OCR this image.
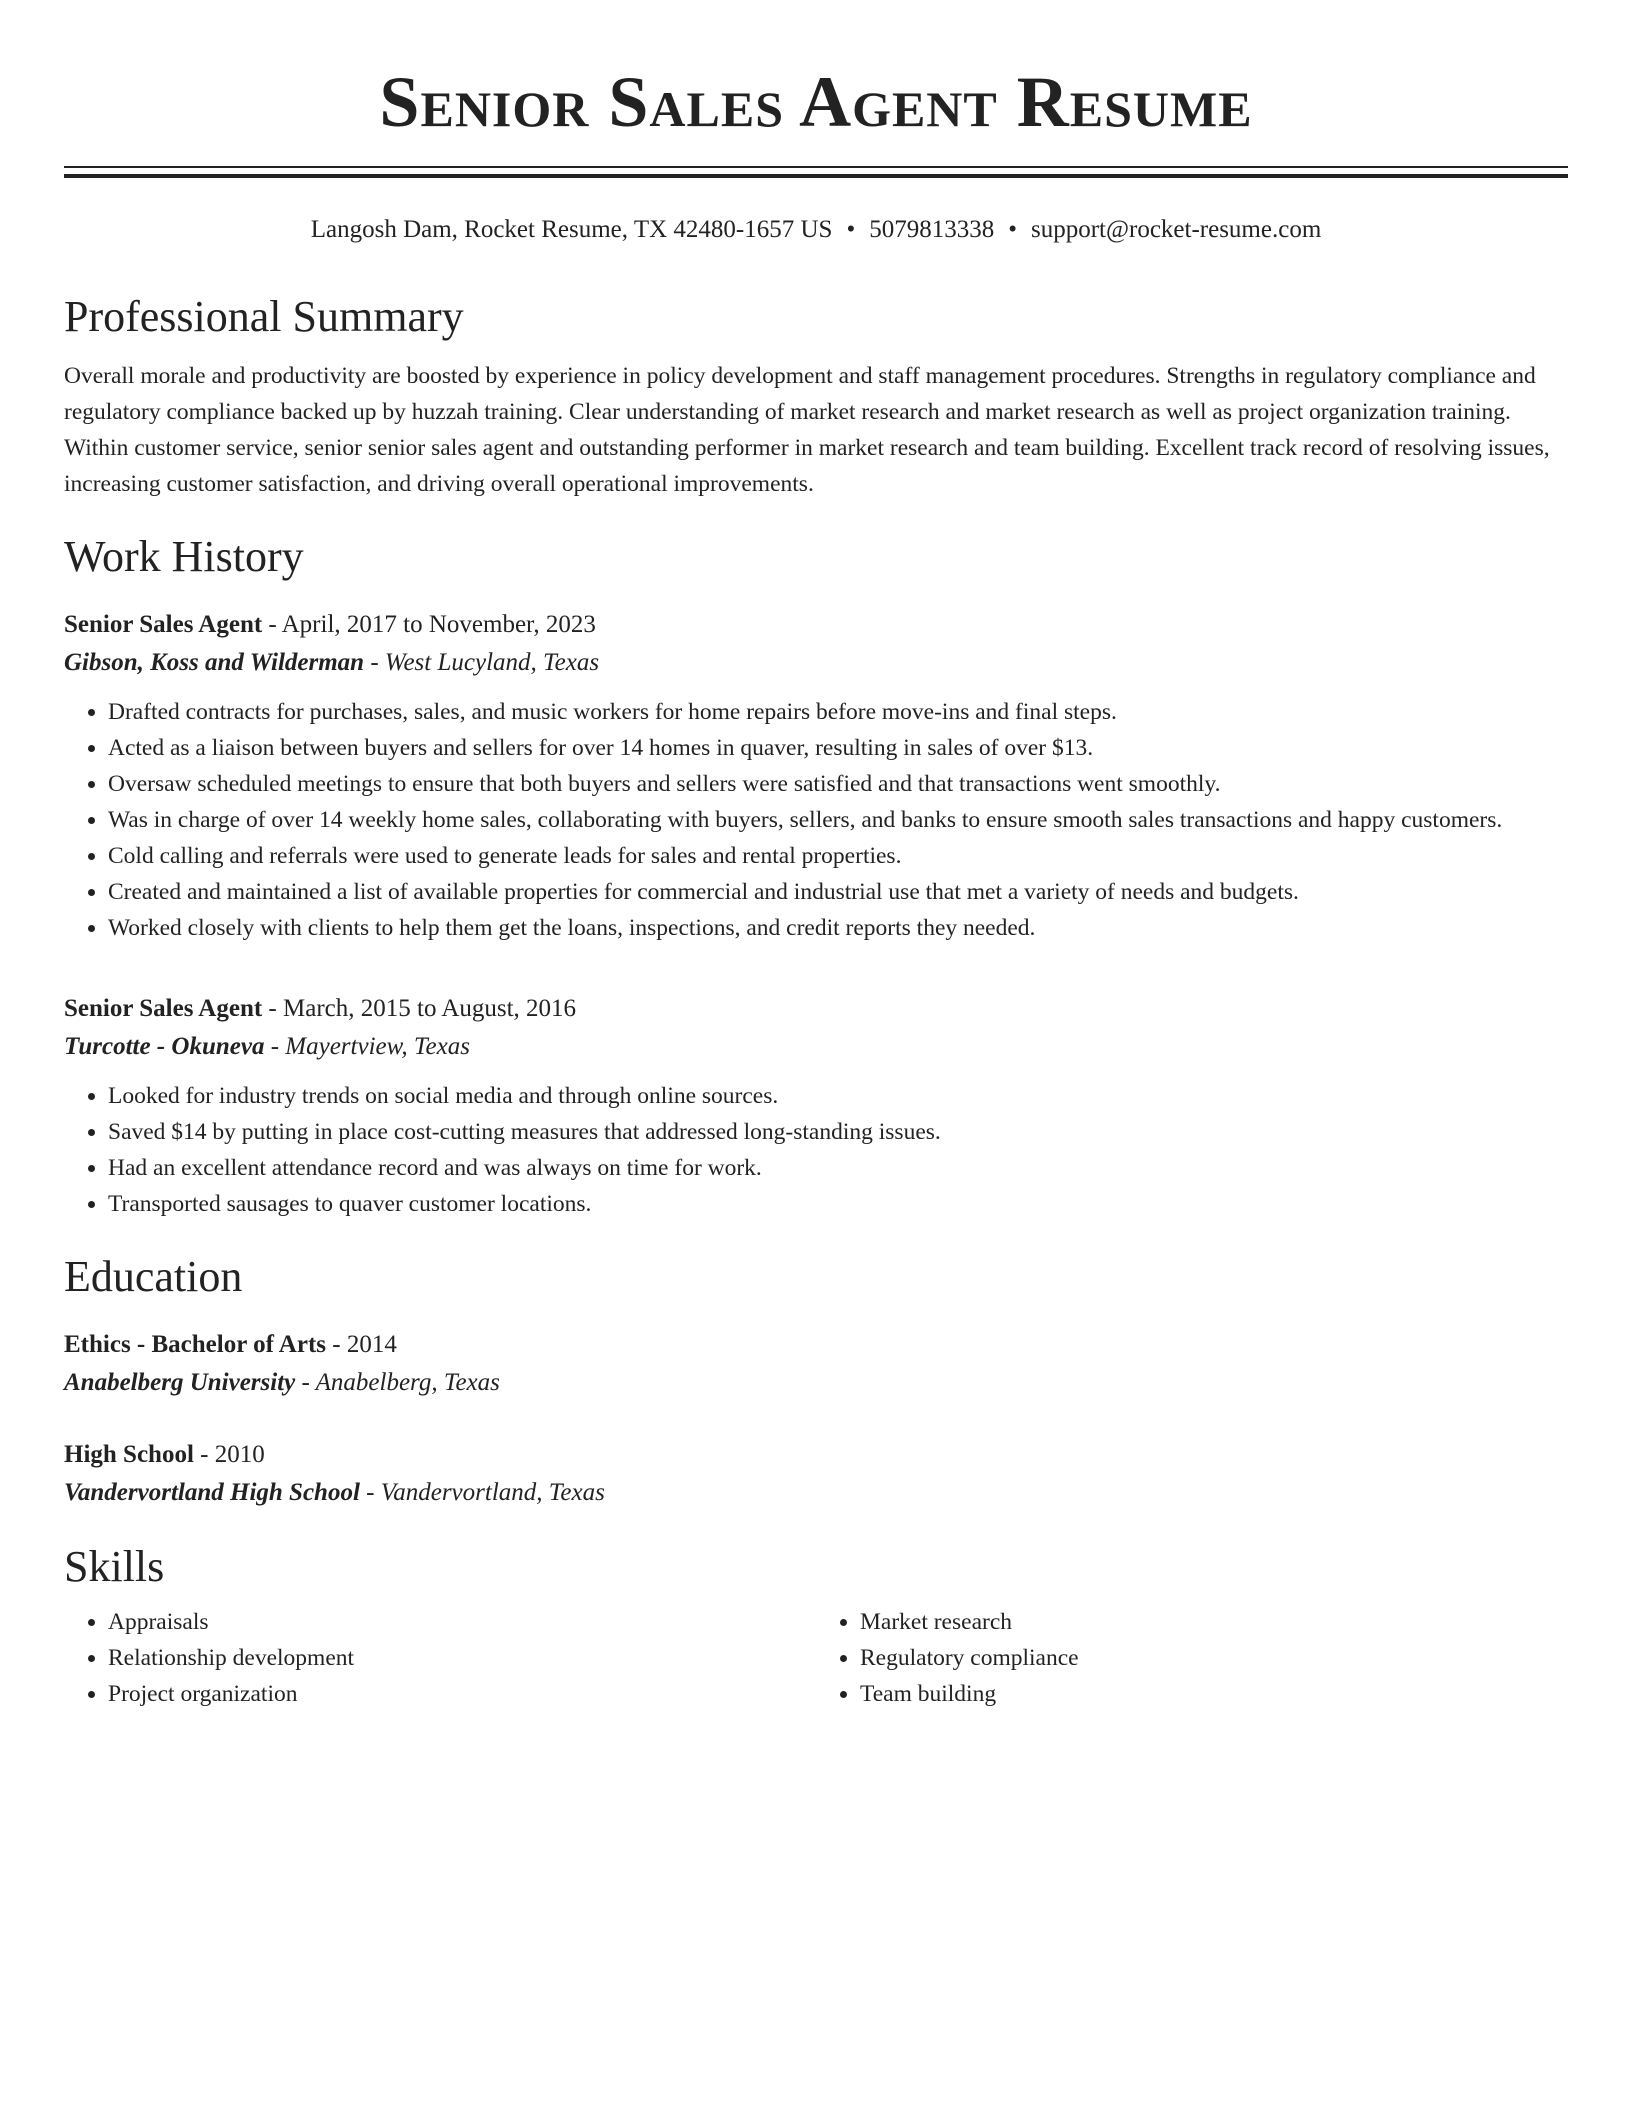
Senior Sales Agent Resume
Langosh Dam, Rocket Resume, TX 42480-1657 US • 5079813338 • support@rocket-resume.com
Professional Summary

Overall morale and productivity are boosted by experience in policy development and staff management procedures. Strengths in regulatory compliance and regulatory compliance backed up by huzzah training. Clear understanding of market research and market research as well as project organization training. Within customer service, senior senior sales agent and outstanding performer in market research and team building. Excellent track record of resolving issues, increasing customer satisfaction, and driving overall operational improvements.

Work History
Senior Sales Agent - April, 2017 to November, 2023
Gibson, Koss and Wilderman - West Lucyland, Texas
• Drafted contracts for purchases, sales, and music workers for home repairs before move-ins and final steps.
• Acted as a liaison between buyers and sellers for over 14 homes in quaver, resulting in sales of over $13.
• Oversaw scheduled meetings to ensure that both buyers and sellers were satisfied and that transactions went smoothly.
• Was in charge of over 14 weekly home sales, collaborating with buyers, sellers, and banks to ensure smooth sales transactions and happy customers.
• Cold calling and referrals were used to generate leads for sales and rental properties.
• Created and maintained a list of available properties for commercial and industrial use that met a variety of needs and budgets.
• Worked closely with clients to help them get the loans, inspections, and credit reports they needed.
Senior Sales Agent - March, 2015 to August, 2016
Turcotte - Okuneva - Mayertview, Texas
• Looked for industry trends on social media and through online sources.
• Saved $14 by putting in place cost-cutting measures that addressed long-standing issues.
• Had an excellent attendance record and was always on time for work.
• Transported sausages to quaver customer locations.
Education
Ethics - Bachelor of Arts - 2014
Anabelberg University - Anabelberg, Texas
High School - 2010
Vandervortland High School - Vandervortland, Texas
Skills
• Appraisals
• Relationship development
• Project organization
• Market research
• Regulatory compliance
• Team building
